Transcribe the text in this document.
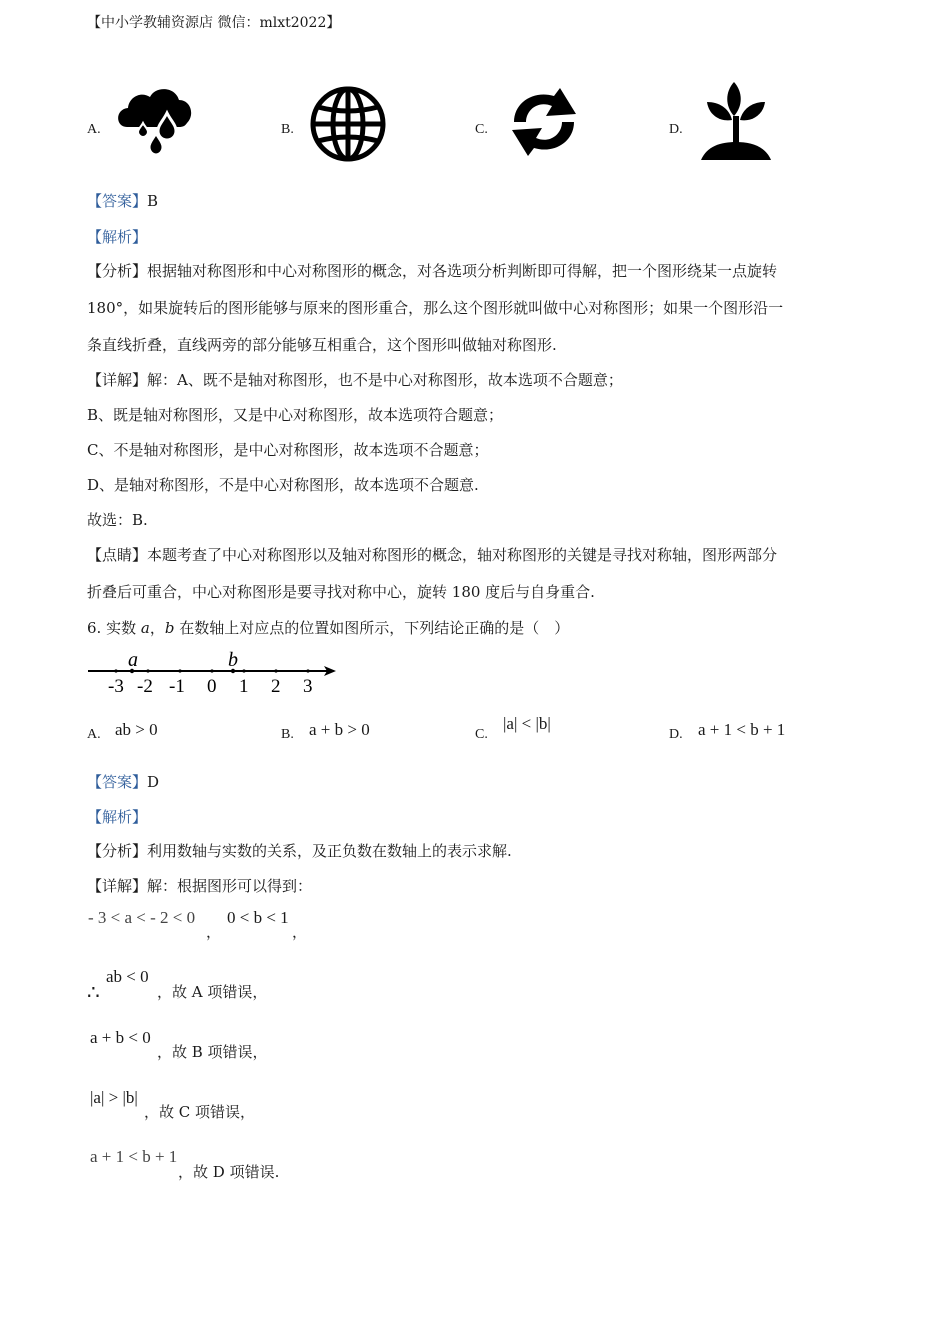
【中小学教辅资源店 微信：mlxt2022】
A.	B.	C.	D.
【答案】B
【解析】
【分析】根据轴对称图形和中心对称图形的概念，对各选项分析判断即可得解，把一个图形绕某一点旋转
180°，如果旋转后的图形能够与原来的图形重合，那么这个图形就叫做中心对称图形；如果一个图形沿一
条直线折叠，直线两旁的部分能够互相重合，这个图形叫做轴对称图形.
【详解】解：A、既不是轴对称图形，也不是中心对称图形，故本选项不合题意；
B、既是轴对称图形，又是中心对称图形，故本选项符合题意；
C、不是轴对称图形，是中心对称图形，故本选项不合题意；
D、是轴对称图形，不是中心对称图形，故本选项不合题意.
故选：B.
【点睛】本题考查了中心对称图形以及轴对称图形的概念，轴对称图形的关键是寻找对称轴，图形两部分
折叠后可重合，中心对称图形是要寻找对称中心，旋转 180 度后与自身重合.
6. 实数 a，b 在数轴上对应点的位置如图所示，下列结论正确的是（　）
a	b
-3 -2 -1 0 1 2 3
A. ab > 0	B. a + b > 0	C.
|a| < |b|
D. a + 1 < b + 1
【答案】D
【解析】
【分析】利用数轴与实数的关系，及正负数在数轴上的表示求解.
【详解】解：根据图形可以得到：
- 3 < a < - 2 < 0
，
0 < b < 1
，
∴
ab < 0
，故 A 项错误，
a + b < 0
，故 B 项错误，
|a| > |b|
，故 C 项错误，
a + 1 < b + 1
，故 D 项错误.
